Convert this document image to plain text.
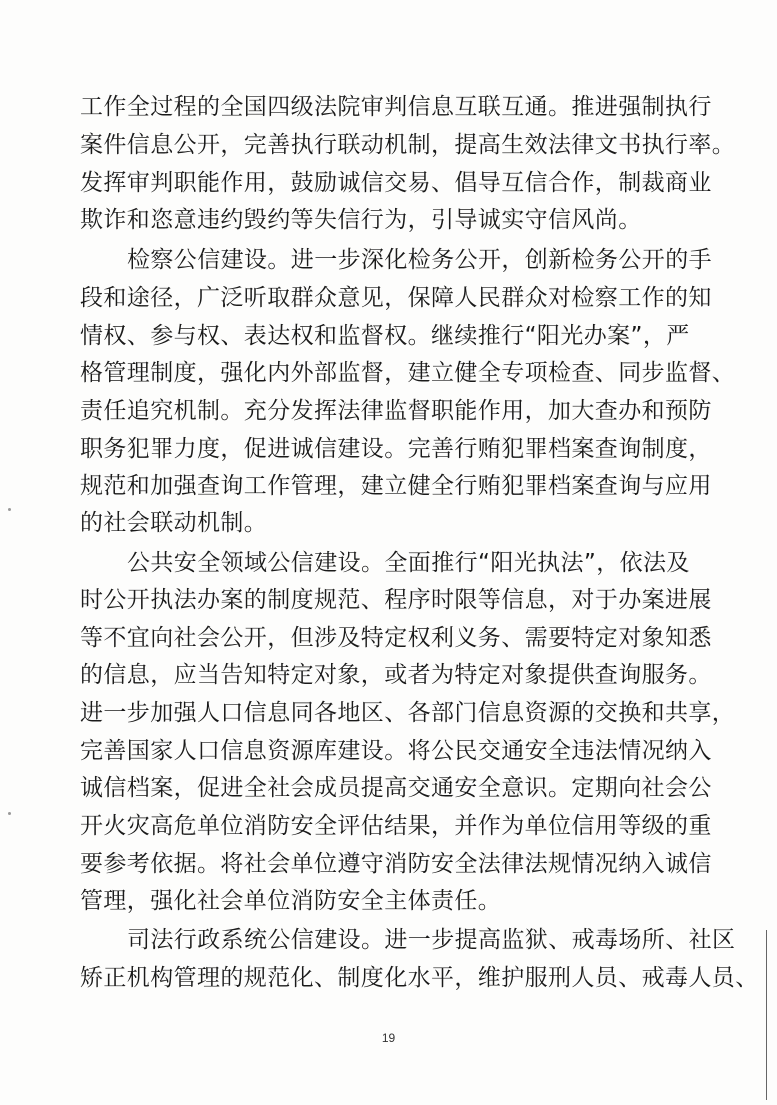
工作全过程的全国四级法院审判信息互联互通。推进强制执行
案件信息公开，完善执行联动机制，提高生效法律文书执行率。
发挥审判职能作用，鼓励诚信交易、倡导互信合作，制裁商业
欺诈和恣意违约毁约等失信行为，引导诚实守信风尚。
检察公信建设。进一步深化检务公开，创新检务公开的手
段和途径，广泛听取群众意见，保障人民群众对检察工作的知
情权、参与权、表达权和监督权。继续推行“阳光办案”，严
格管理制度，强化内外部监督，建立健全专项检查、同步监督、
责任追究机制。充分发挥法律监督职能作用，加大查办和预防
职务犯罪力度，促进诚信建设。完善行贿犯罪档案查询制度，
规范和加强查询工作管理，建立健全行贿犯罪档案查询与应用
的社会联动机制。
公共安全领域公信建设。全面推行“阳光执法”，依法及
时公开执法办案的制度规范、程序时限等信息，对于办案进展
等不宜向社会公开，但涉及特定权利义务、需要特定对象知悉
的信息，应当告知特定对象，或者为特定对象提供查询服务。
进一步加强人口信息同各地区、各部门信息资源的交换和共享，
完善国家人口信息资源库建设。将公民交通安全违法情况纳入
诚信档案，促进全社会成员提高交通安全意识。定期向社会公
开火灾高危单位消防安全评估结果，并作为单位信用等级的重
要参考依据。将社会单位遵守消防安全法律法规情况纳入诚信
管理，强化社会单位消防安全主体责任。
司法行政系统公信建设。进一步提高监狱、戒毒场所、社区
矫正机构管理的规范化、制度化水平，维护服刑人员、戒毒人员、
19
